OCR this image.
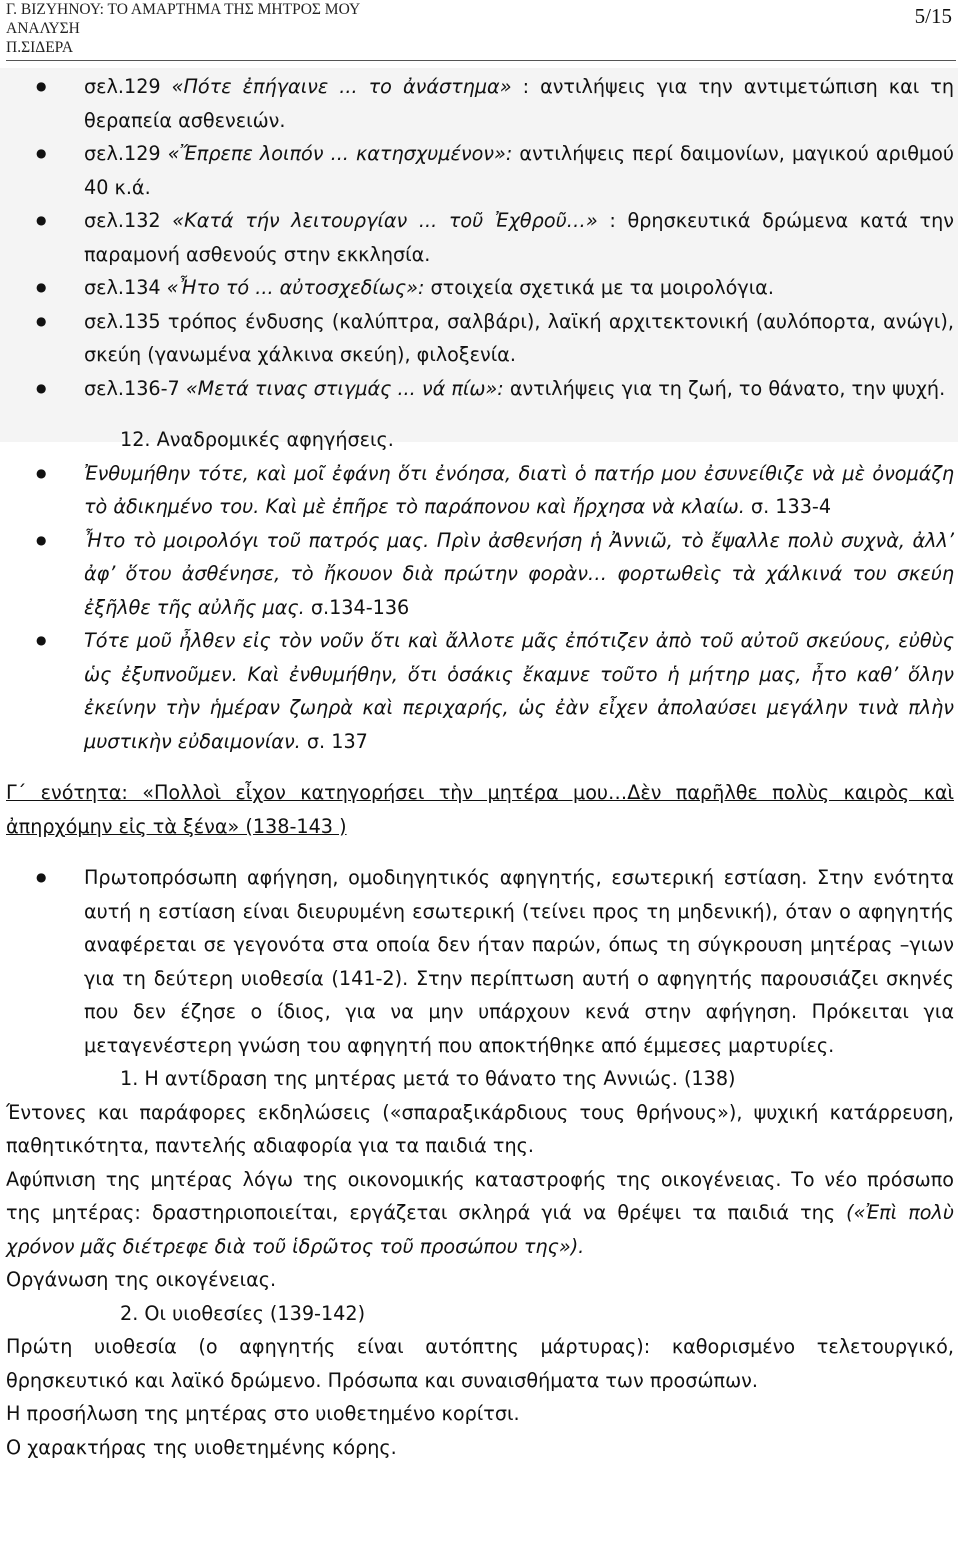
Γ. ΒΙΖΥΗΝΟΥ: ΤΟ ΑΜΑΡΤΗΜΑ ΤΗΣ ΜΗΤΡΟΣ ΜΟΥ
ΑΝΑΛΥΣΗ
Π.ΣΙΔΕΡΑ
5/15
● σελ.129 «Πότε ἐπήγαινε ... το ἀνάστημα» : αντιλήψεις για την αντιμετώπιση και τη θεραπεία ασθενειών.
● σελ.129 «Ἔπρεπε λοιπόν ... κατησχυμένον»: αντιλήψεις περί δαιμονίων, μαγικού αριθμού 40 κ.ά.
● σελ.132 «Κατά τήν λειτουργίαν ... τοῦ Ἐχθροῦ…» : θρησκευτικά δρώμενα κατά την παραμονή ασθενούς στην εκκλησία.
● σελ.134 «Ἦτο τό ... αὐτοσχεδίως»: στοιχεία σχετικά με τα μοιρολόγια.
● σελ.135 τρόπος ένδυσης (καλύπτρα, σαλβάρι), λαϊκή αρχιτεκτονική (αυλόπορτα, ανώγι), σκεύη (γανωμένα χάλκινα σκεύη), φιλοξενία.
● σελ.136-7 «Μετά τινας στιγμάς ... νά πίω»: αντιλήψεις για τη ζωή, το θάνατο, την ψυχή.
12. Αναδρομικές αφηγήσεις.
● Ἐνθυμήθην τότε, καὶ μοῖ ἐφάνη ὅτι ἐνόησα, διατὶ ὁ πατήρ μου ἐσυνείθιζε νὰ μὲ ὀνομάζη τὸ ἀδικημένο του. Καὶ μὲ ἐπῆρε τὸ παράπονου καὶ ἤρχησα νὰ κλαίω. σ. 133-4
● Ἦτο τὸ μοιρολόγι τοῦ πατρός μας. Πρὶν ἀσθενήση ἡ Ἀννιῶ, τὸ ἔψαλλε πολὺ συχνὰ, ἀλλ’ ἀφ’ ὅτου ἀσθένησε, τὸ ἤκουον διὰ πρώτην φορὰν… φορτωθεὶς τὰ χάλκινά του σκεύη ἐξῆλθε τῆς αὐλῆς μας. σ.134-136
● Τότε μοῦ ἦλθεν εἰς τὸν νοῦν ὅτι καὶ ἄλλοτε μᾶς ἐπότιζεν ἀπὸ τοῦ αὐτοῦ σκεύους, εὐθὺς ὡς ἐξυπνοῦμεν. Καὶ ἐνθυμήθην, ὅτι ὁσάκις ἔκαμνε τοῦτο ἡ μήτηρ μας, ἦτο καθ’ ὅλην ἐκείνην τὴν ἡμέραν ζωηρὰ καὶ περιχαρής, ὡς ἐὰν εἶχεν ἀπολαύσει μεγάλην τινὰ πλὴν μυστικὴν εὐδαιμονίαν. σ. 137
Γ΄ ενότητα: «Πολλοὶ εἶχον κατηγορήσει τὴν μητέρα μου…Δὲν παρῆλθε πολὺς καιρὸς καὶ ἀπηρχόμην εἰς τὰ ξένα» (138-143 )
● Πρωτοπρόσωπη αφήγηση, ομοδιηγητικός αφηγητής, εσωτερική εστίαση. Στην ενότητα αυτή η εστίαση είναι διευρυμένη εσωτερική (τείνει προς τη μηδενική), όταν ο αφηγητής αναφέρεται σε γεγονότα στα οποία δεν ήταν παρών, όπως τη σύγκρουση μητέρας –γιων για τη δεύτερη υιοθεσία (141-2). Στην περίπτωση αυτή ο αφηγητής παρουσιάζει σκηνές που δεν έζησε ο ίδιος, για να μην υπάρχουν κενά στην αφήγηση. Πρόκειται για μεταγενέστερη γνώση του αφηγητή που αποκτήθηκε από έμμεσες μαρτυρίες.
1. Η αντίδραση της μητέρας μετά το θάνατο της Αννιώς. (138)
Έντονες και παράφορες εκδηλώσεις («σπαραξικάρδιους τους θρήνους»), ψυχική κατάρρευση, παθητικότητα, παντελής αδιαφορία για τα παιδιά της.
Αφύπνιση της μητέρας λόγω της οικονομικής καταστροφής της οικογένειας. Το νέο πρόσωπο της μητέρας: δραστηριοποιείται, εργάζεται σκληρά γιά να θρέψει τα παιδιά της («Ἐπὶ πολὺ χρόνον μᾶς διέτρεφε διὰ τοῦ ἱδρῶτος τοῦ προσώπου της»).
Οργάνωση της οικογένειας.
2. Οι υιοθεσίες (139-142)
Πρώτη υιοθεσία (ο αφηγητής είναι αυτόπτης μάρτυρας): καθορισμένο τελετουργικό, θρησκευτικό και λαϊκό δρώμενο. Πρόσωπα και συναισθήματα των προσώπων.
Η προσήλωση της μητέρας στο υιοθετημένο κορίτσι.
Ο χαρακτήρας της υιοθετημένης κόρης.
